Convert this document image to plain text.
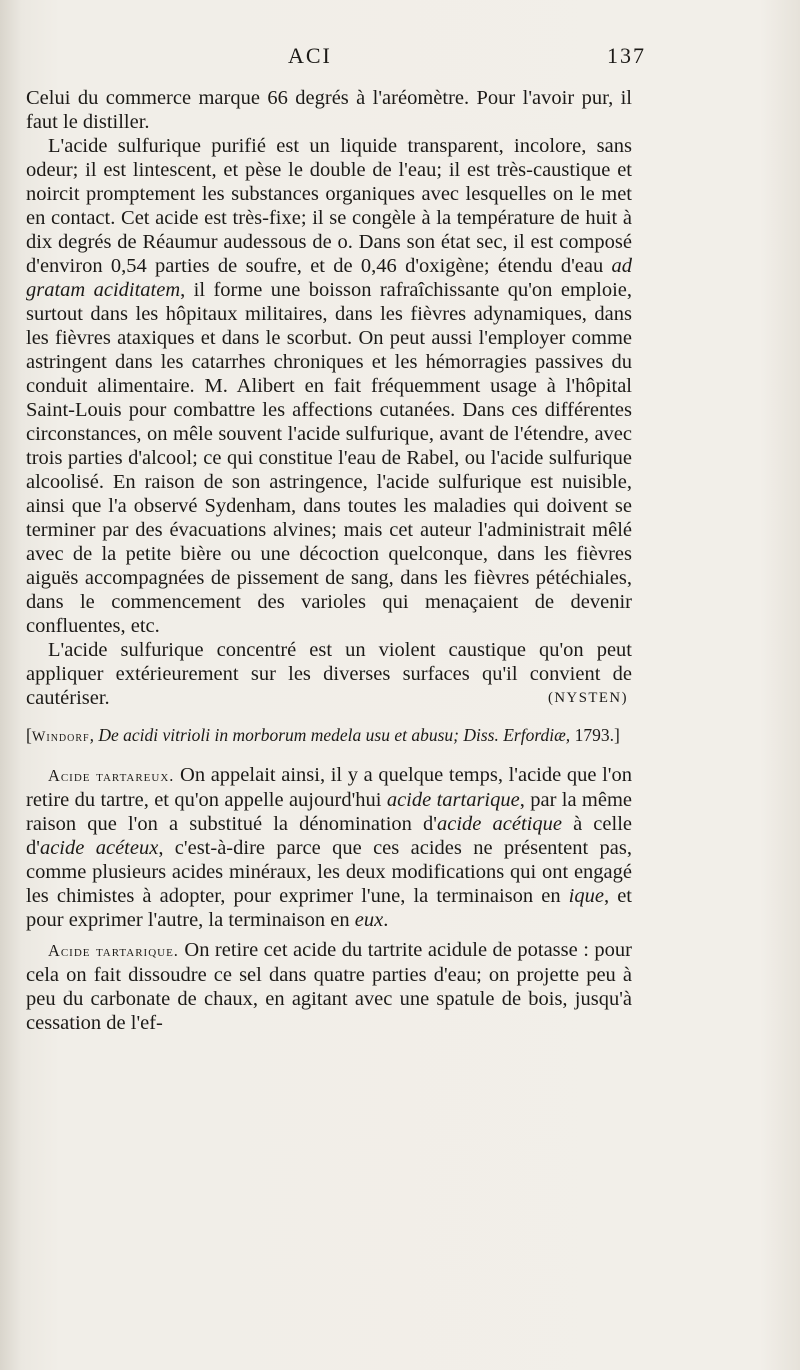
ACI	137

Celui du commerce marque 66 degrés à l'aréomètre. Pour l'avoir pur, il faut le distiller.

L'acide sulfurique purifié est un liquide transparent, incolore, sans odeur; il est lintescent, et pèse le double de l'eau; il est très-caustique et noircit promptement les substances organiques avec lesquelles on le met en contact. Cet acide est très-fixe; il se congèle à la température de huit à dix degrés de Réaumur audessous de o. Dans son état sec, il est composé d'environ 0,54 parties de soufre, et de 0,46 d'oxigène; étendu d'eau ad gratam aciditatem, il forme une boisson rafraîchissante qu'on emploie, surtout dans les hôpitaux militaires, dans les fièvres adynamiques, dans les fièvres ataxiques et dans le scorbut. On peut aussi l'employer comme astringent dans les catarrhes chroniques et les hémorragies passives du conduit alimentaire. M. Alibert en fait fréquemment usage à l'hôpital Saint-Louis pour combattre les affections cutanées. Dans ces différentes circonstances, on mêle souvent l'acide sulfurique, avant de l'étendre, avec trois parties d'alcool; ce qui constitue l'eau de Rabel, ou l'acide sulfurique alcoolisé. En raison de son astringence, l'acide sulfurique est nuisible, ainsi que l'a observé Sydenham, dans toutes les maladies qui doivent se terminer par des évacuations alvines; mais cet auteur l'administrait mêlé avec de la petite bière ou une décoction quelconque, dans les fièvres aiguës accompagnées de pissement de sang, dans les fièvres pétéchiales, dans le commencement des varioles qui menaçaient de devenir confluentes, etc.

L'acide sulfurique concentré est un violent caustique qu'on peut appliquer extérieurement sur les diverses surfaces qu'il convient de cautériser.	(NYSTEN)

[Windorf, De acidi vitrioli in morborum medela usu et abusu; Diss. Erfordiæ, 1793.]

Acide tartareux. On appelait ainsi, il y a quelque temps, l'acide que l'on retire du tartre, et qu'on appelle aujourd'hui acide tartarique, par la même raison que l'on a substitué la dénomination d'acide acétique à celle d'acide acéteux, c'est-à-dire parce que ces acides ne présentent pas, comme plusieurs acides minéraux, les deux modifications qui ont engagé les chimistes à adopter, pour exprimer l'une, la terminaison en ique, et pour exprimer l'autre, la terminaison en eux.

Acide tartarique. On retire cet acide du tartrite acidule de potasse : pour cela on fait dissoudre ce sel dans quatre parties d'eau; on projette peu à peu du carbonate de chaux, en agitant avec une spatule de bois, jusqu'à cessation de l'ef-
